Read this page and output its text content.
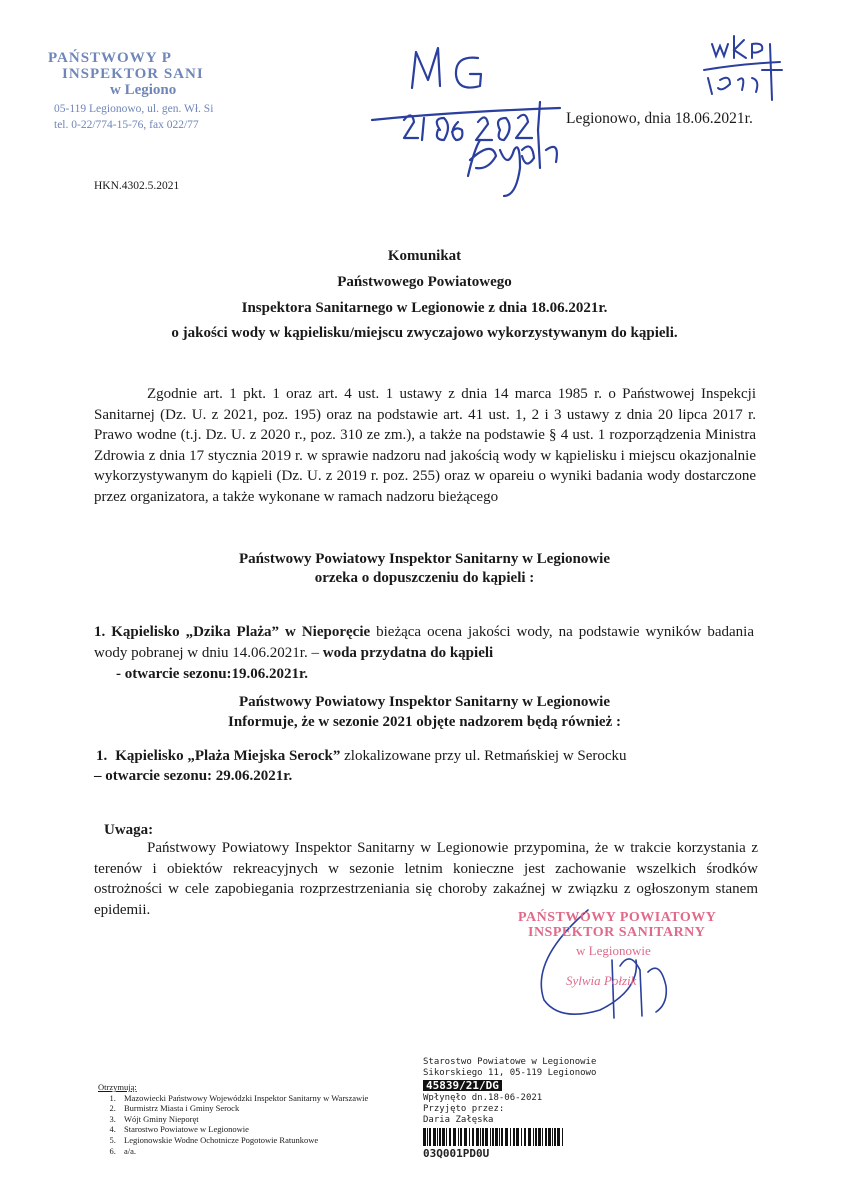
PAŃSTWOWY P
INSPEKTOR SANI
w Legiono
05-119 Legionowo, ul. gen. Wł. Si
tel. 0-22/774-15-76, fax 022/77	Legionowo, dnia 18.06.2021r.
HKN.4302.5.2021
Komunikat
Państwowego Powiatowego
Inspektora Sanitarnego w Legionowie z dnia 18.06.2021r.
o jakości wody w kąpielisku/miejscu zwyczajowo wykorzystywanym do kąpieli.
Zgodnie art. 1 pkt. 1 oraz art. 4 ust. 1 ustawy z dnia 14 marca 1985 r. o Państwowej Inspekcji Sanitarnej (Dz. U. z 2021, poz. 195) oraz na podstawie art. 41 ust. 1, 2 i 3 ustawy z dnia 20 lipca 2017 r. Prawo wodne (t.j. Dz. U. z 2020 r., poz. 310 ze zm.), a także na podstawie § 4 ust. 1 rozporządzenia Ministra Zdrowia z dnia 17 stycznia 2019 r. w sprawie nadzoru nad jakością wody w kąpielisku i miejscu okazjonalnie wykorzystywanym do kąpieli (Dz. U. z 2019 r. poz. 255) oraz w opareiu o wyniki badania wody dostarczone przez organizatora, a także wykonane w ramach nadzoru bieżącego
Państwowy Powiatowy Inspektor Sanitarny w Legionowie
orzeka o dopuszczeniu do kąpieli :
1. Kąpielisko „Dzika Plaża” w Nieporęcie bieżąca ocena jakości wody, na podstawie wyników badania wody pobranej w dniu 14.06.2021r. – woda przydatna do kąpieli
- otwarcie sezonu:19.06.2021r.
Państwowy Powiatowy Inspektor Sanitarny w Legionowie
Informuje, że w sezonie 2021 objęte nadzorem będą również :
1. Kąpielisko „Plaża Miejska Serock” zlokalizowane przy ul. Retmańskiej w Serocku
– otwarcie sezonu: 29.06.2021r.
Uwaga:
Państwowy Powiatowy Inspektor Sanitarny w Legionowie przypomina, że w trakcie korzystania z terenów i obiektów rekreacyjnych w sezonie letnim konieczne jest zachowanie wszelkich środków ostrożności w cele zapobiegania rozprzestrzeniania się choroby zakaźnej w związku z ogłoszonym stanem epidemii.	PAŃSTWOWY POWIATOWY
INSPEKTOR SANITARNY
w Legionowie
Sylwia Połzik
Starostwo Powiatowe w Legionowie
Sikorskiego 11, 05-119 Legionowo
45839/21/DG
Wpłynęło dn.18-06-2021
Przyjęto przez:
Daria Załęska
03Q001PD0U
Otrzymują:
1. Mazowiecki Państwowy Wojewódzki Inspektor Sanitarny w Warszawie
2. Burmistrz Miasta i Gminy Serock
3. Wójt Gminy Nieporęt
4. Starostwo Powiatowe w Legionowie
5. Legionowskie Wodne Ochotnicze Pogotowie Ratunkowe
6. a/a.
